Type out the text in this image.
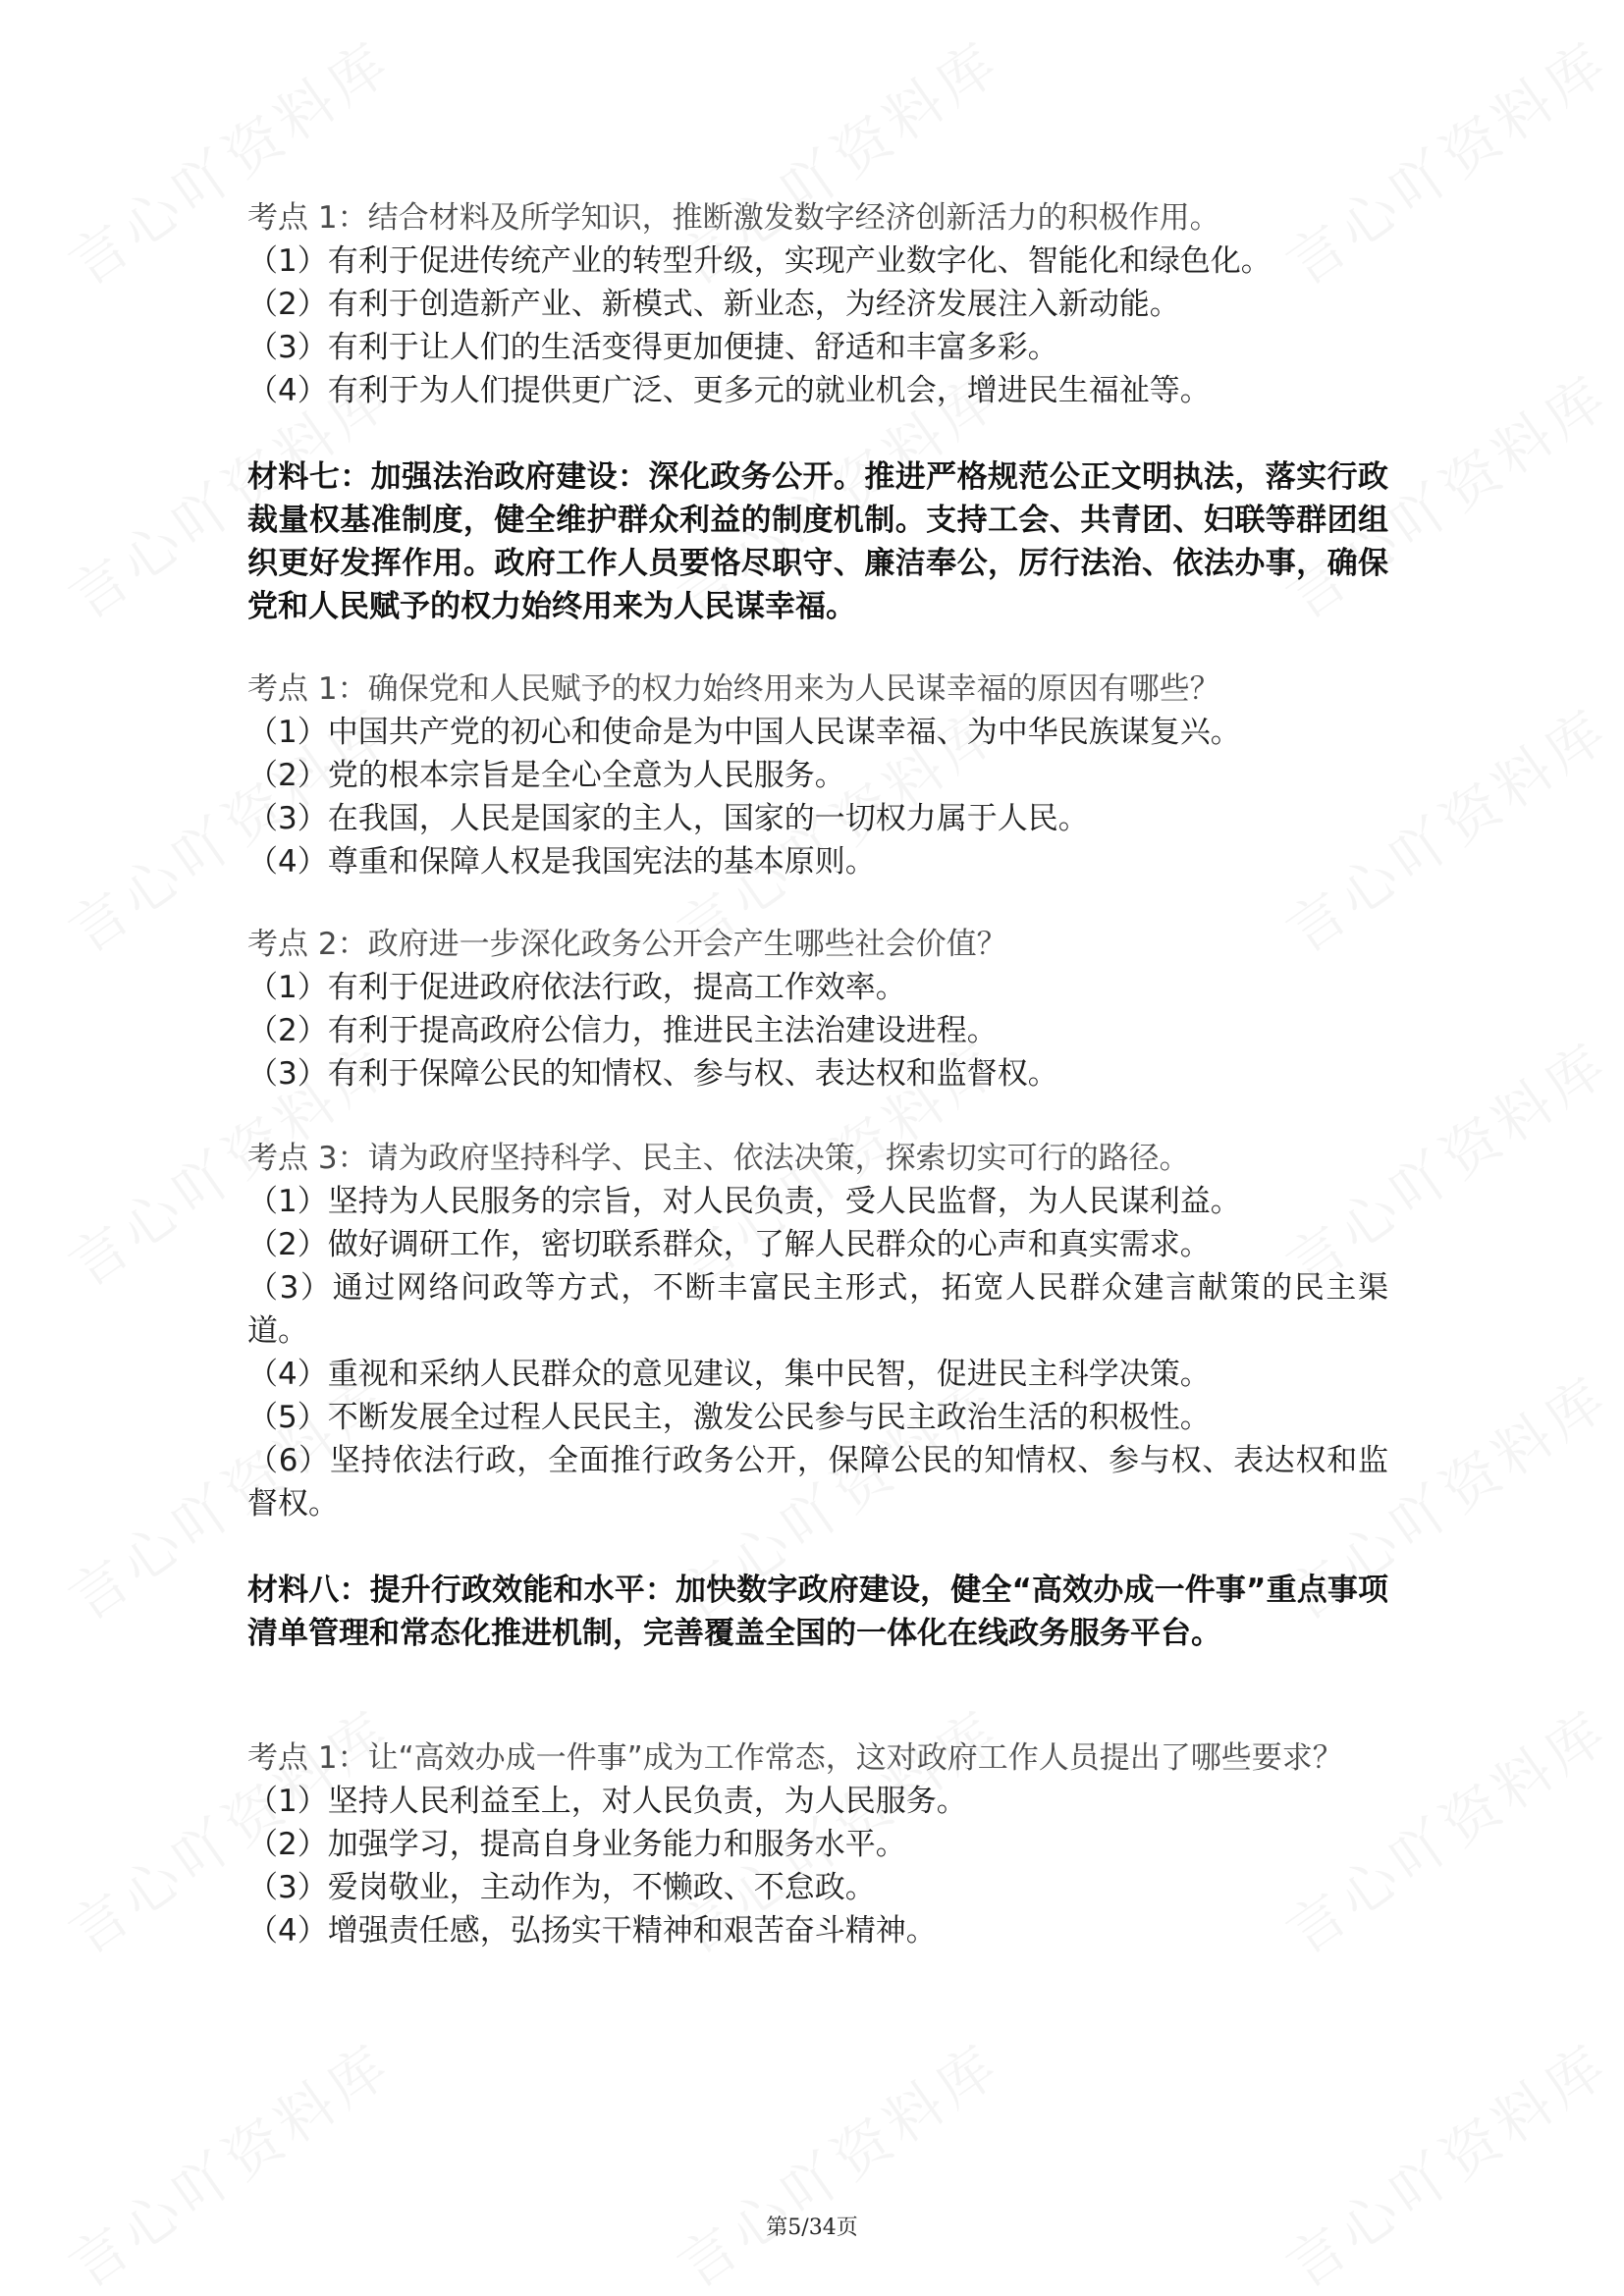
考点 1：结合材料及所学知识，推断激发数字经济创新活力的积极作用。

（1）有利于促进传统产业的转型升级，实现产业数字化、智能化和绿色化。

（2）有利于创造新产业、新模式、新业态，为经济发展注入新动能。

（3）有利于让人们的生活变得更加便捷、舒适和丰富多彩。

（4）有利于为人们提供更广泛、更多元的就业机会，增进民生福祉等。

材料七：加强法治政府建设：深化政务公开。推进严格规范公正文明执法，落实行政裁量权基准制度，健全维护群众利益的制度机制。支持工会、共青团、妇联等群团组织更好发挥作用。政府工作人员要恪尽职守、廉洁奉公，厉行法治、依法办事，确保党和人民赋予的权力始终用来为人民谋幸福。

考点 1：确保党和人民赋予的权力始终用来为人民谋幸福的原因有哪些？

（1）中国共产党的初心和使命是为中国人民谋幸福、为中华民族谋复兴。

（2）党的根本宗旨是全心全意为人民服务。

（3）在我国，人民是国家的主人，国家的一切权力属于人民。

（4）尊重和保障人权是我国宪法的基本原则。

考点 2：政府进一步深化政务公开会产生哪些社会价值？

（1）有利于促进政府依法行政，提高工作效率。

（2）有利于提高政府公信力，推进民主法治建设进程。

（3）有利于保障公民的知情权、参与权、表达权和监督权。

考点 3：请为政府坚持科学、民主、依法决策，探索切实可行的路径。

（1）坚持为人民服务的宗旨，对人民负责，受人民监督，为人民谋利益。

（2）做好调研工作，密切联系群众，了解人民群众的心声和真实需求。

（3）通过网络问政等方式，不断丰富民主形式，拓宽人民群众建言献策的民主渠道。

（4）重视和采纳人民群众的意见建议，集中民智，促进民主科学决策。

（5）不断发展全过程人民民主，激发公民参与民主政治生活的积极性。

（6）坚持依法行政，全面推行政务公开，保障公民的知情权、参与权、表达权和监督权。

材料八：提升行政效能和水平：加快数字政府建设，健全“高效办成一件事”重点事项清单管理和常态化推进机制，完善覆盖全国的一体化在线政务服务平台。

考点 1：让“高效办成一件事”成为工作常态，这对政府工作人员提出了哪些要求？

（1）坚持人民利益至上，对人民负责，为人民服务。

（2）加强学习，提高自身业务能力和服务水平。

（3）爱岗敬业，主动作为，不懒政、不怠政。

（4）增强责任感，弘扬实干精神和艰苦奋斗精神。

第5/34页
